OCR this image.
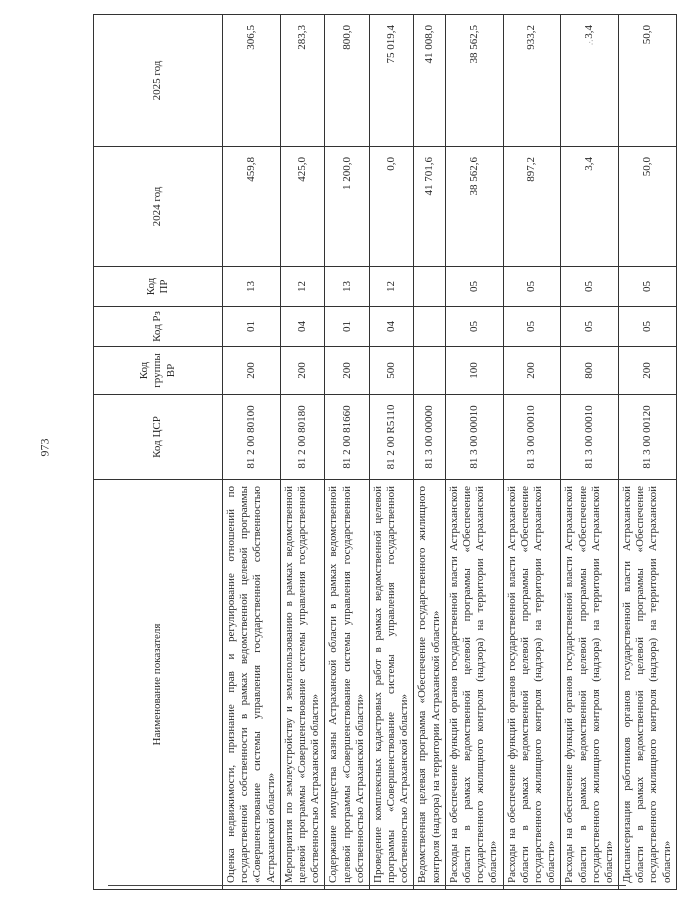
973
⁖
Наименование показателя	Код ЦСР	Код группы ВР	Код Рз	Код ПР	2024 год	2025 год
Оценка недвижимости, признание прав и регулирование отношений по государственной собственности в рамках ведомственной целевой программы «Совершенствование системы управления государственной собственностью Астраханской области»	81 2 00 80100	200	01	13	459,8	306,5
Мероприятия по землеустройству и землепользованию в рамках ведомственной целевой программы «Совершенствование системы управления государственной собственностью Астраханской области»	81 2 00 80180	200	04	12	425,0	283,3
Содержание имущества казны Астраханской области в рамках ведомственной целевой программы «Совершенствование системы управления государственной собственностью Астраханской области»	81 2 00 81660	200	01	13	1 200,0	800,0
Проведение комплексных кадастровых работ в рамках ведомственной целевой программы «Совершенствование системы управления государственной собственностью Астраханской области»	81 2 00 R5110	500	04	12	0,0	75 019,4
Ведомственная целевая программа «Обеспечение государственного жилищного контроля (надзора) на территории Астраханской области»	81 3 00 00000				41 701,6	41 008,0
Расходы на обеспечение функций органов государственной власти Астраханской области в рамках ведомственной целевой программы «Обеспечение государственного жилищного контроля (надзора) на территории Астраханской области»	81 3 00 00010	100	05	05	38 562,6	38 562,5
Расходы на обеспечение функций органов государственной власти Астраханской области в рамках ведомственной целевой программы «Обеспечение государственного жилищного контроля (надзора) на территории Астраханской области»	81 3 00 00010	200	05	05	897,2	933,2
Расходы на обеспечение функций органов государственной власти Астраханской области в рамках ведомственной целевой программы «Обеспечение государственного жилищного контроля (надзора) на территории Астраханской области»	81 3 00 00010	800	05	05	3,4	3,4
Диспансеризация работников органов государственной власти Астраханской области в рамках ведомственной целевой программы «Обеспечение государственного жилищного контроля (надзора) на территории Астраханской области»	81 3 00 00120	200	05	05	50,0	50,0
